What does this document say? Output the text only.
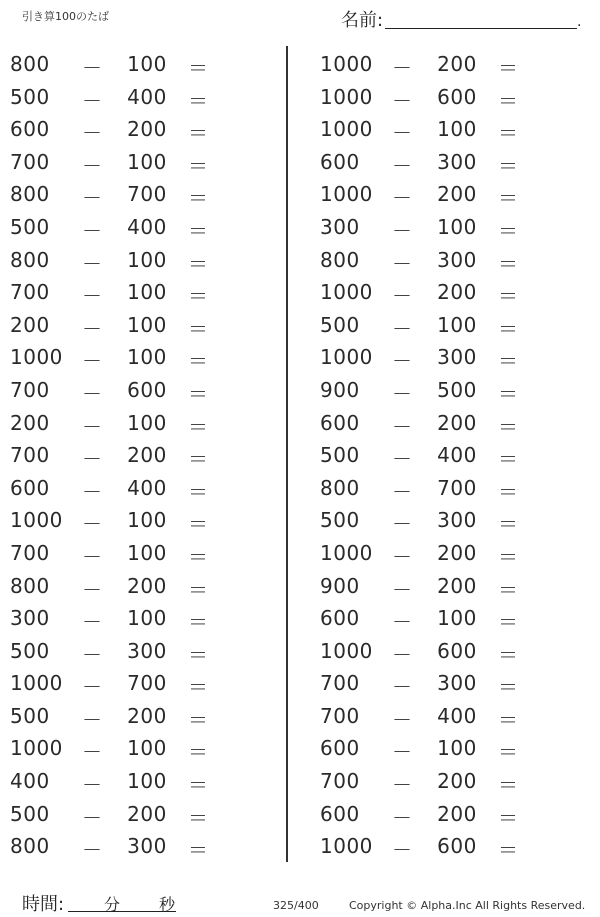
引き算100のたば	名前:	.
800 －	100	＝
500 －	400	＝
600 －	200	＝
700 －	100	＝
800 －	700	＝
500 －	400	＝
800 －	100	＝
700 －	100	＝
200 －	100	＝
1000 －	100	＝
700 －	600	＝
200 －	100	＝
700 －	200	＝
600 －	400	＝
1000 －	100	＝
700 －	100	＝
800 －	200	＝
300 －	100	＝
500 －	300	＝
1000 －	700	＝
500 －	200	＝
1000 －	100	＝
400 －	100	＝
500 －	200	＝
800 －	300	＝
1000 －	200	＝
1000 －	600	＝
1000 －	100	＝
600 －	300	＝
1000 －	200	＝
300 －	100	＝
800 －	300	＝
1000 －	200	＝
500 －	100	＝
1000 －	300	＝
900 －	500	＝
600 －	200	＝
500 －	400	＝
800 －	700	＝
500 －	300	＝
1000 －	200	＝
900 －	200	＝
600 －	100	＝
1000 －	600	＝
700 －	300	＝
700 －	400	＝
600 －	100	＝
700 －	200	＝
600 －	200	＝
1000 －	600	＝
時間: 分 秒	325/400	Copyright © Alpha.Inc All Rights Reserved.
